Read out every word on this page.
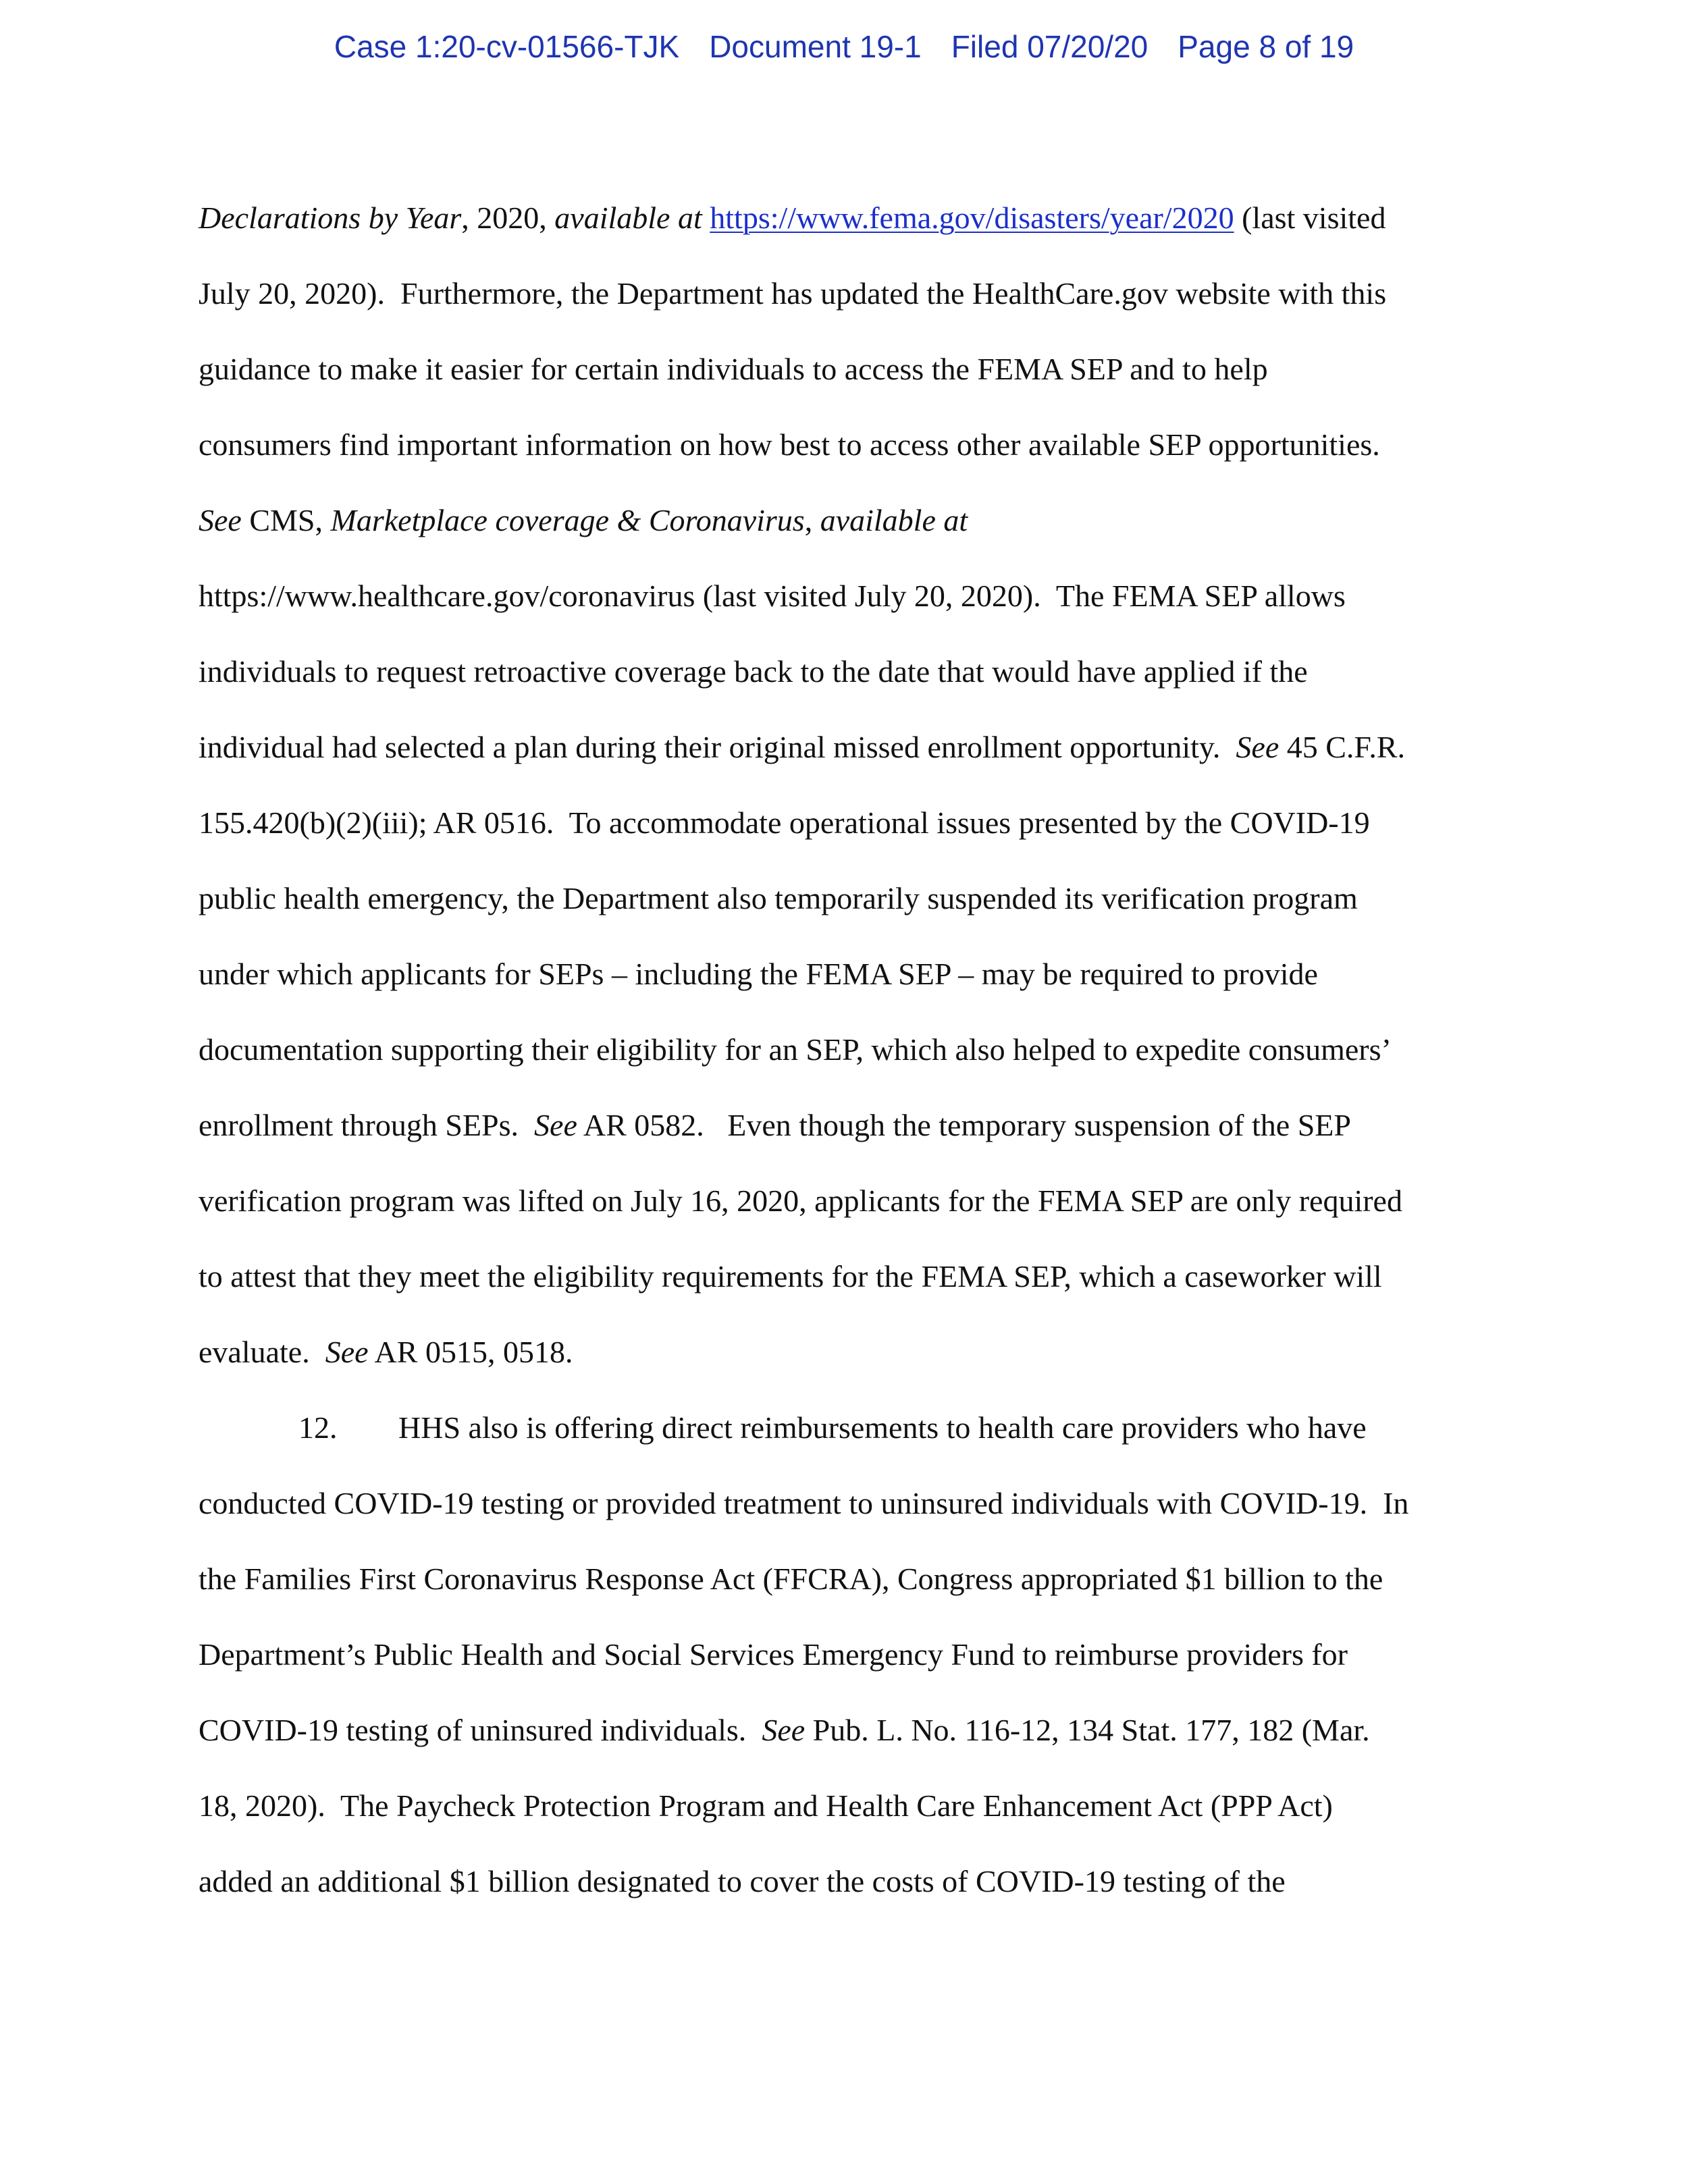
Case 1:20-cv-01566-TJK Document 19-1 Filed 07/20/20 Page 8 of 19
Declarations by Year, 2020, available at https://www.fema.gov/disasters/year/2020 (last visited
July 20, 2020).  Furthermore, the Department has updated the HealthCare.gov website with this
guidance to make it easier for certain individuals to access the FEMA SEP and to help
consumers find important information on how best to access other available SEP opportunities.
See CMS, Marketplace coverage & Coronavirus, available at
https://www.healthcare.gov/coronavirus (last visited July 20, 2020).  The FEMA SEP allows
individuals to request retroactive coverage back to the date that would have applied if the
individual had selected a plan during their original missed enrollment opportunity.  See 45 C.F.R.
155.420(b)(2)(iii); AR 0516.  To accommodate operational issues presented by the COVID-19
public health emergency, the Department also temporarily suspended its verification program
under which applicants for SEPs – including the FEMA SEP – may be required to provide
documentation supporting their eligibility for an SEP, which also helped to expedite consumers’
enrollment through SEPs.  See AR 0582.   Even though the temporary suspension of the SEP
verification program was lifted on July 16, 2020, applicants for the FEMA SEP are only required
to attest that they meet the eligibility requirements for the FEMA SEP, which a caseworker will
evaluate.  See AR 0515, 0518.
12. HHS also is offering direct reimbursements to health care providers who have
conducted COVID-19 testing or provided treatment to uninsured individuals with COVID-19.  In
the Families First Coronavirus Response Act (FFCRA), Congress appropriated $1 billion to the
Department’s Public Health and Social Services Emergency Fund to reimburse providers for
COVID-19 testing of uninsured individuals.  See Pub. L. No. 116-12, 134 Stat. 177, 182 (Mar.
18, 2020).  The Paycheck Protection Program and Health Care Enhancement Act (PPP Act)
added an additional $1 billion designated to cover the costs of COVID-19 testing of the
